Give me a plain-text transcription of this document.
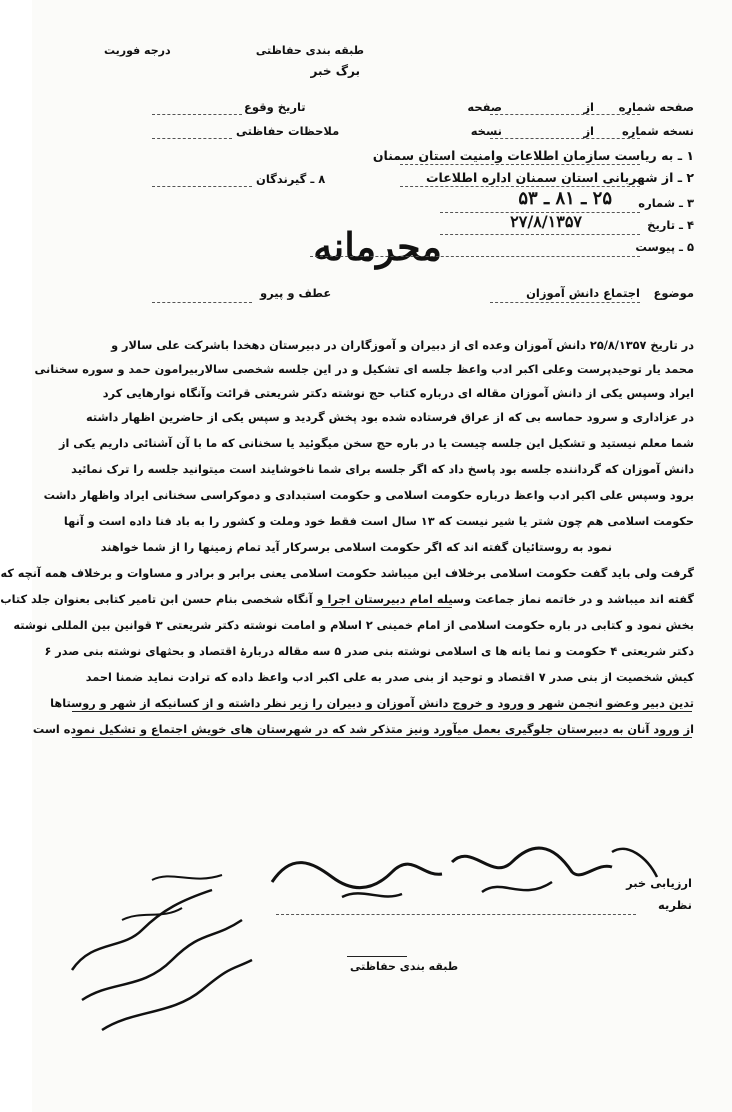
طبقه بندی حفاظتی
درجه فوریت
برگ خبر
صفحه شماره
از
صفحه
نسخه شماره
از
نسخه
تاریخ وقوع
ملاحظات حفاظتی
۸ ـ گیرندگان
۱ ـ به ریاست سازمان اطلاعات وامنیت استان سمنان
۲ ـ از شهربانی استان سمنان اداره اطلاعات
۳ ـ شماره
۲۵ ـ ۸۱ ـ ۵۳
۴ ـ تاریخ
۲۷/۸/۱۳۵۷
۵ ـ پیوست
محرمانه
موضوع
اجتماع دانش آموزان
عطف و پیرو
در تاریخ ۲۵/۸/۱۳۵۷ دانش آموزان وعده ای از دبیران و آموزگاران در دبیرستان دهخدا باشرکت علی سالار و
محمد یار توحیدپرست وعلی اکبر ادب واعظ جلسه ای تشکیل و در این جلسه شخصی سالاربیرامون حمد و سوره سخنانی
ایراد وسپس یکی از دانش آموزان مقاله ای درباره کتاب حج نوشته دکتر شریعتی قرائت وآنگاه نوارهایی کرد
در عزاداری و سرود حماسه بی که از عراق فرستاده شده بود پخش گردید و سپس یکی از حاضرین اظهار داشته
شما معلم نیستید و تشکیل این جلسه چیست یا در باره حج سخن میگوئید یا سخنانی که ما با آن آشنائی داریم یکی از
دانش آموزان که گرداننده جلسه بود پاسخ داد که اگر جلسه برای شما ناخوشایند است میتوانید جلسه را ترک نمائید
برود وسپس علی اکبر ادب واعظ درباره حکومت اسلامی و حکومت استبدادی و دموکراسی سخنانی ایراد واظهار داشت
حکومت اسلامی هم چون شتر یا شیر نیست که ۱۳ سال است فقط خود وملت و کشور را به باد فنا داده است و آنها
نمود به روستائیان گفته اند که اگر حکومت اسلامی برسرکار آید تمام زمینها را از شما خواهند
گرفت ولی باید گفت حکومت اسلامی برخلاف این میباشد حکومت اسلامی یعنی برابر و برادر و مساوات و برخلاف همه آنچه که
گفته اند میباشد و در خاتمه نماز جماعت وسیله امام دبیرستان اجرا و آنگاه شخصی بنام حسن ابن تامیر کتابی بعنوان جلد کتاب
بخش نمود و کتابی در باره حکومت اسلامی از امام خمینی ۲ اسلام و امامت نوشته دکتر شریعتی ۳ قوانین بین المللی نوشته
دکتر شریعتی ۴ حکومت و نما یانه ها ی اسلامی نوشته بنی صدر ۵ سه مقاله دربارۀ اقتصاد و بحثهای نوشته بنی صدر ۶
کیش شخصیت از بنی صدر ۷ اقتصاد و توحید از بنی صدر به علی اکبر ادب واعظ داده که ترادت نماید ضمنا احمد
تدین دبیر وعضو انجمن شهر و ورود و خروج دانش آموزان و دبیران را زیر نظر داشته و از کسانیکه از شهر و روستاها
از ورود آنان به دبیرستان جلوگیری بعمل میآورد ونیز متذکر شد که در شهرستان های خویش اجتماع و تشکیل نموده است
ارزیابی خبر
نظریه
طبقه بندی حفاظتی
